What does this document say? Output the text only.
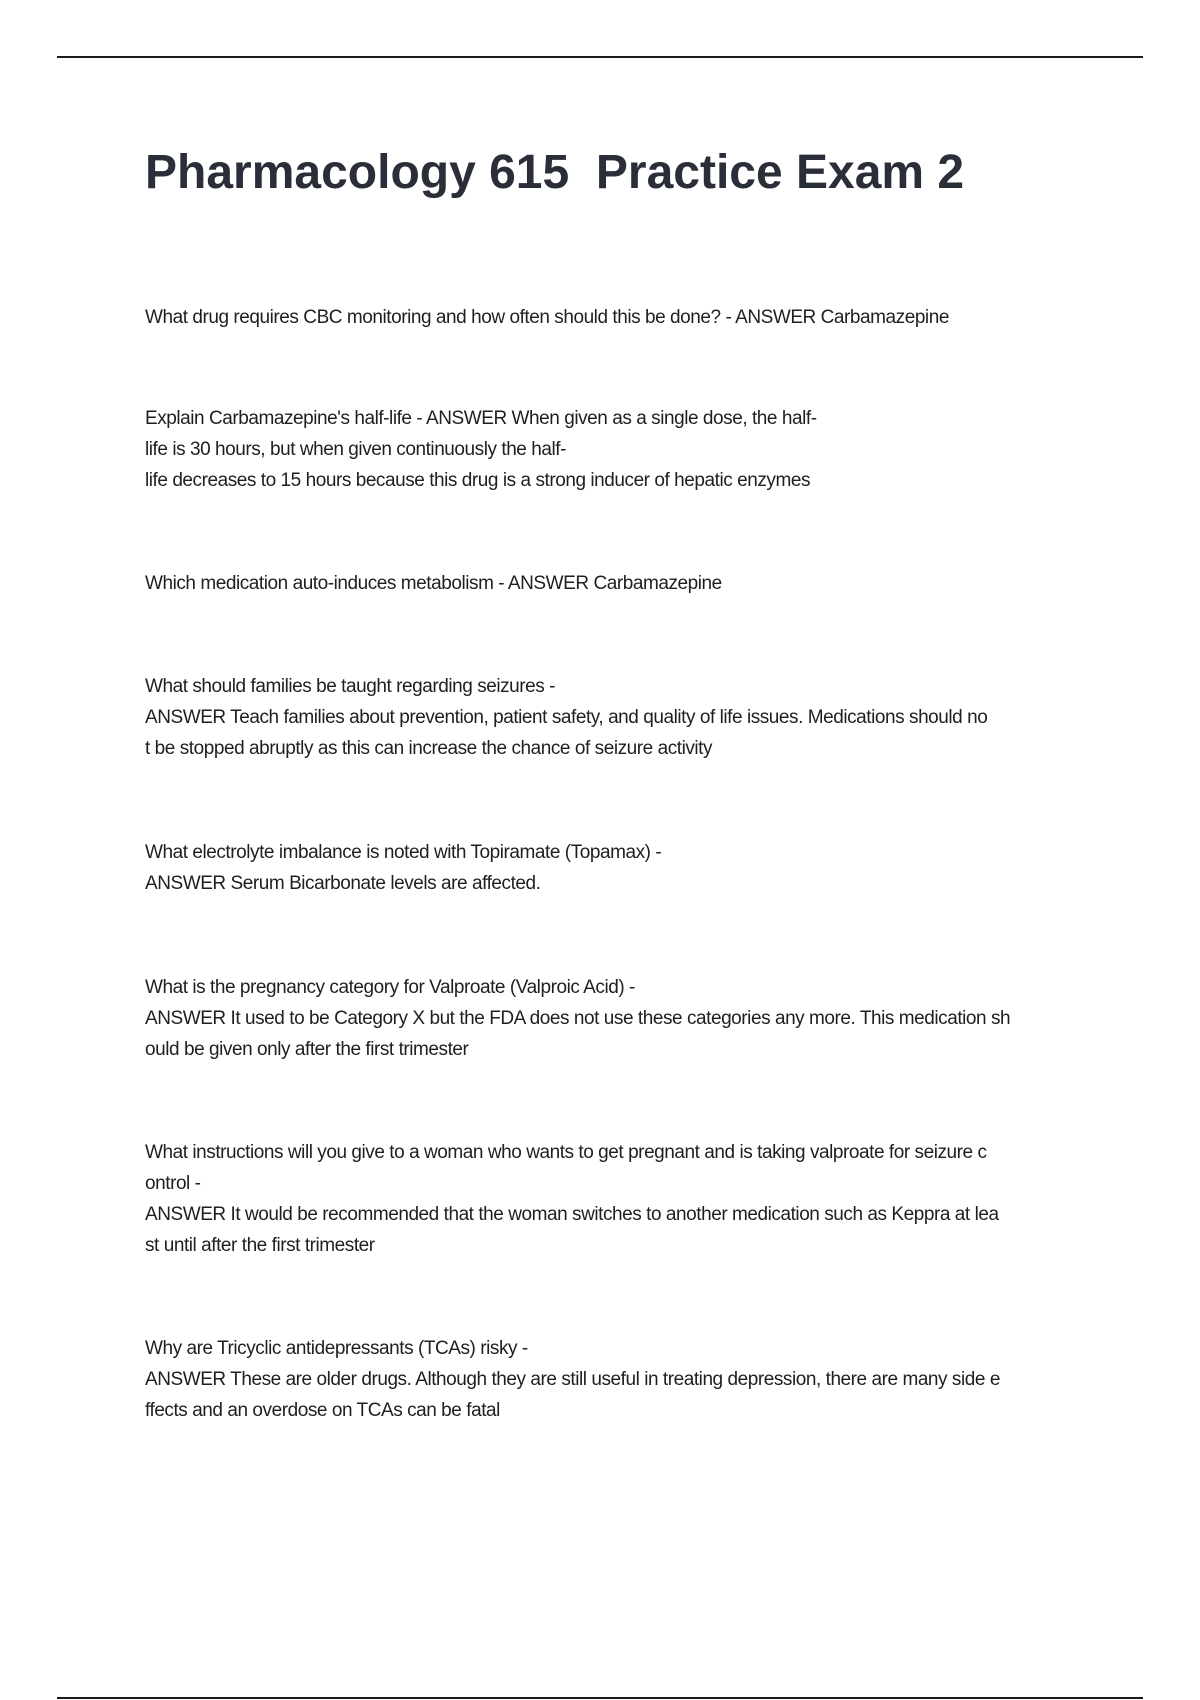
Pharmacology 615  Practice Exam 2
What drug requires CBC monitoring and how often should this be done? - ANSWER Carbamazepine
Explain Carbamazepine's half-life - ANSWER When given as a single dose, the half-
life is 30 hours, but when given continuously the half-
life decreases to 15 hours because this drug is a strong inducer of hepatic enzymes
Which medication auto-induces metabolism - ANSWER Carbamazepine
What should families be taught regarding seizures -
ANSWER Teach families about prevention, patient safety, and quality of life issues. Medications should no
t be stopped abruptly as this can increase the chance of seizure activity
What electrolyte imbalance is noted with Topiramate (Topamax) -
ANSWER Serum Bicarbonate levels are affected.
What is the pregnancy category for Valproate (Valproic Acid) -
ANSWER It used to be Category X but the FDA does not use these categories any more. This medication sh
ould be given only after the first trimester
What instructions will you give to a woman who wants to get pregnant and is taking valproate for seizure c
ontrol -
ANSWER It would be recommended that the woman switches to another medication such as Keppra at lea
st until after the first trimester
Why are Tricyclic antidepressants (TCAs) risky -
ANSWER These are older drugs. Although they are still useful in treating depression, there are many side e
ffects and an overdose on TCAs can be fatal
